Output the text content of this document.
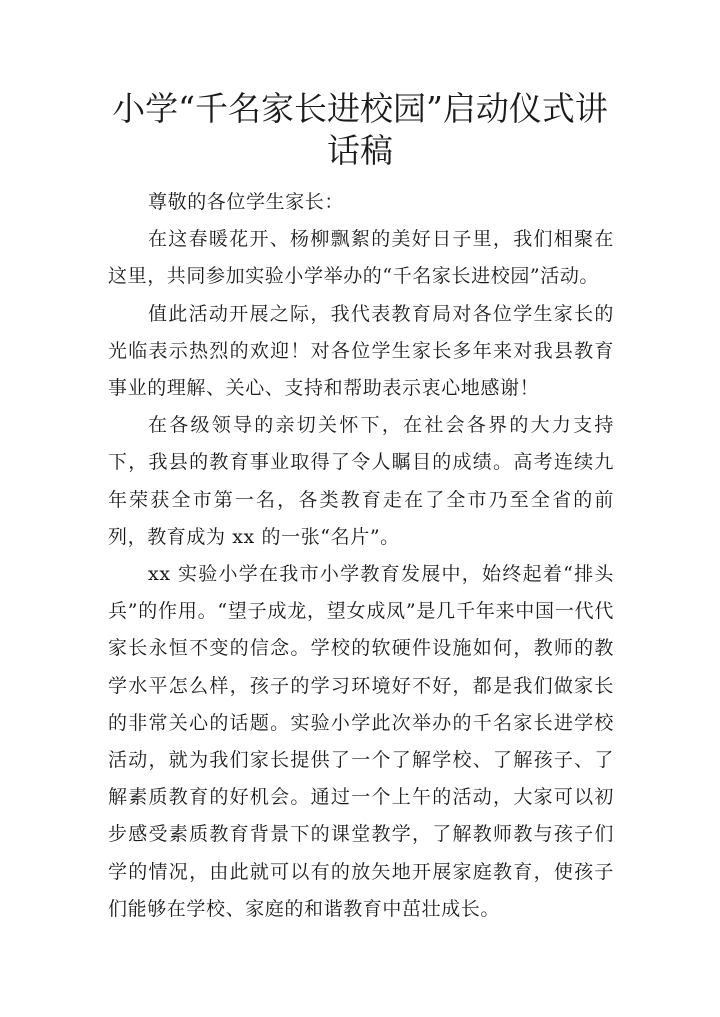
小学“千名家长进校园”启动仪式讲话稿

尊敬的各位学生家长：

在这春暖花开、杨柳飘絮的美好日子里，我们相聚在这里，共同参加实验小学举办的“千名家长进校园”活动。

值此活动开展之际，我代表教育局对各位学生家长的光临表示热烈的欢迎！对各位学生家长多年来对我县教育事业的理解、关心、支持和帮助表示衷心地感谢！

在各级领导的亲切关怀下，在社会各界的大力支持下，我县的教育事业取得了令人瞩目的成绩。高考连续九年荣获全市第一名，各类教育走在了全市乃至全省的前列，教育成为 xx 的一张“名片”。

xx 实验小学在我市小学教育发展中，始终起着“排头兵”的作用。“望子成龙，望女成凤”是几千年来中国一代代家长永恒不变的信念。学校的软硬件设施如何，教师的教学水平怎么样，孩子的学习环境好不好，都是我们做家长的非常关心的话题。实验小学此次举办的千名家长进学校活动，就为我们家长提供了一个了解学校、了解孩子、了解素质教育的好机会。通过一个上午的活动，大家可以初步感受素质教育背景下的课堂教学，了解教师教与孩子们学的情况，由此就可以有的放矢地开展家庭教育，使孩子们能够在学校、家庭的和谐教育中茁壮成长。
